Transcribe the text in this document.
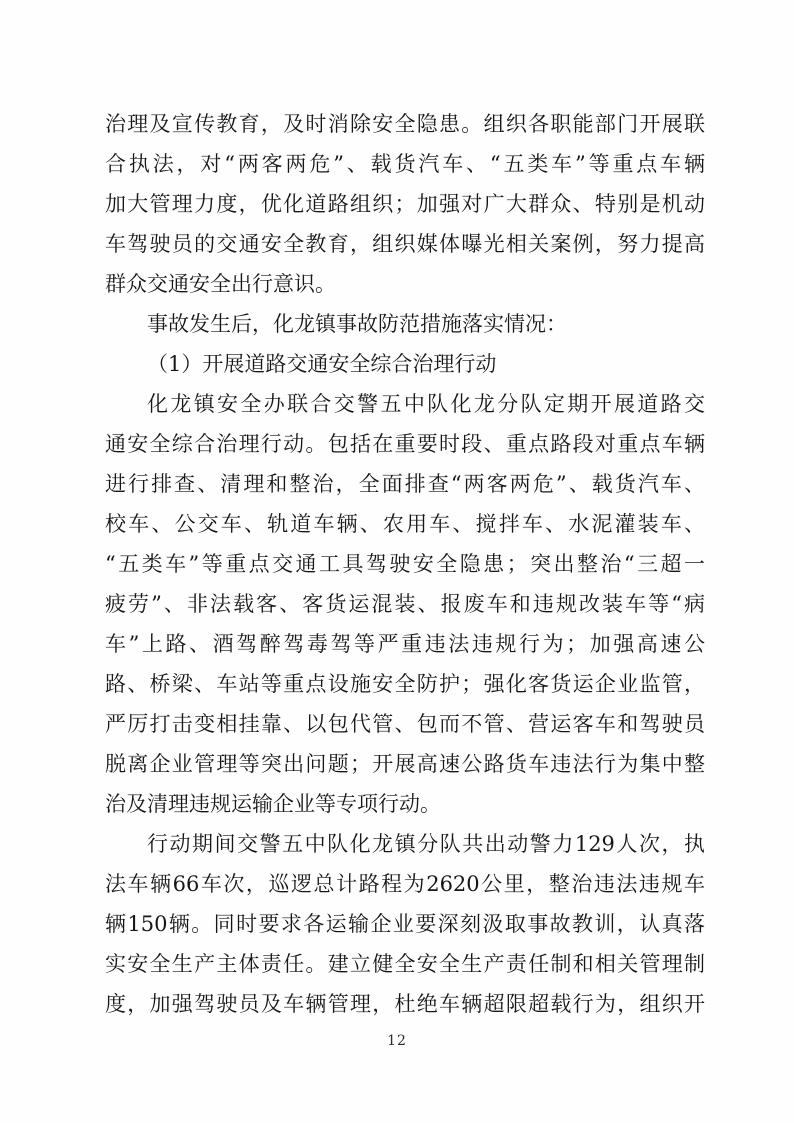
治理及宣传教育，及时消除安全隐患。组织各职能部门开展联
合执法，对“两客两危”、载货汽车、“五类车”等重点车辆
加大管理力度，优化道路组织；加强对广大群众、特别是机动
车驾驶员的交通安全教育，组织媒体曝光相关案例，努力提高
群众交通安全出行意识。
事故发生后，化龙镇事故防范措施落实情况：
（1）开展道路交通安全综合治理行动
化龙镇安全办联合交警五中队化龙分队定期开展道路交
通安全综合治理行动。包括在重要时段、重点路段对重点车辆
进行排查、清理和整治，全面排查“两客两危”、载货汽车、
校车、公交车、轨道车辆、农用车、搅拌车、水泥灌装车、
“五类车”等重点交通工具驾驶安全隐患；突出整治“三超一
疲劳”、非法载客、客货运混装、报废车和违规改装车等“病
车”上路、酒驾醉驾毒驾等严重违法违规行为；加强高速公
路、桥梁、车站等重点设施安全防护；强化客货运企业监管，
严厉打击变相挂靠、以包代管、包而不管、营运客车和驾驶员
脱离企业管理等突出问题；开展高速公路货车违法行为集中整
治及清理违规运输企业等专项行动。
行动期间交警五中队化龙镇分队共出动警力129人次，执
法车辆66车次，巡逻总计路程为2620公里，整治违法违规车
辆150辆。同时要求各运输企业要深刻汲取事故教训，认真落
实安全生产主体责任。建立健全安全生产责任制和相关管理制
度，加强驾驶员及车辆管理，杜绝车辆超限超载行为，组织开
12
